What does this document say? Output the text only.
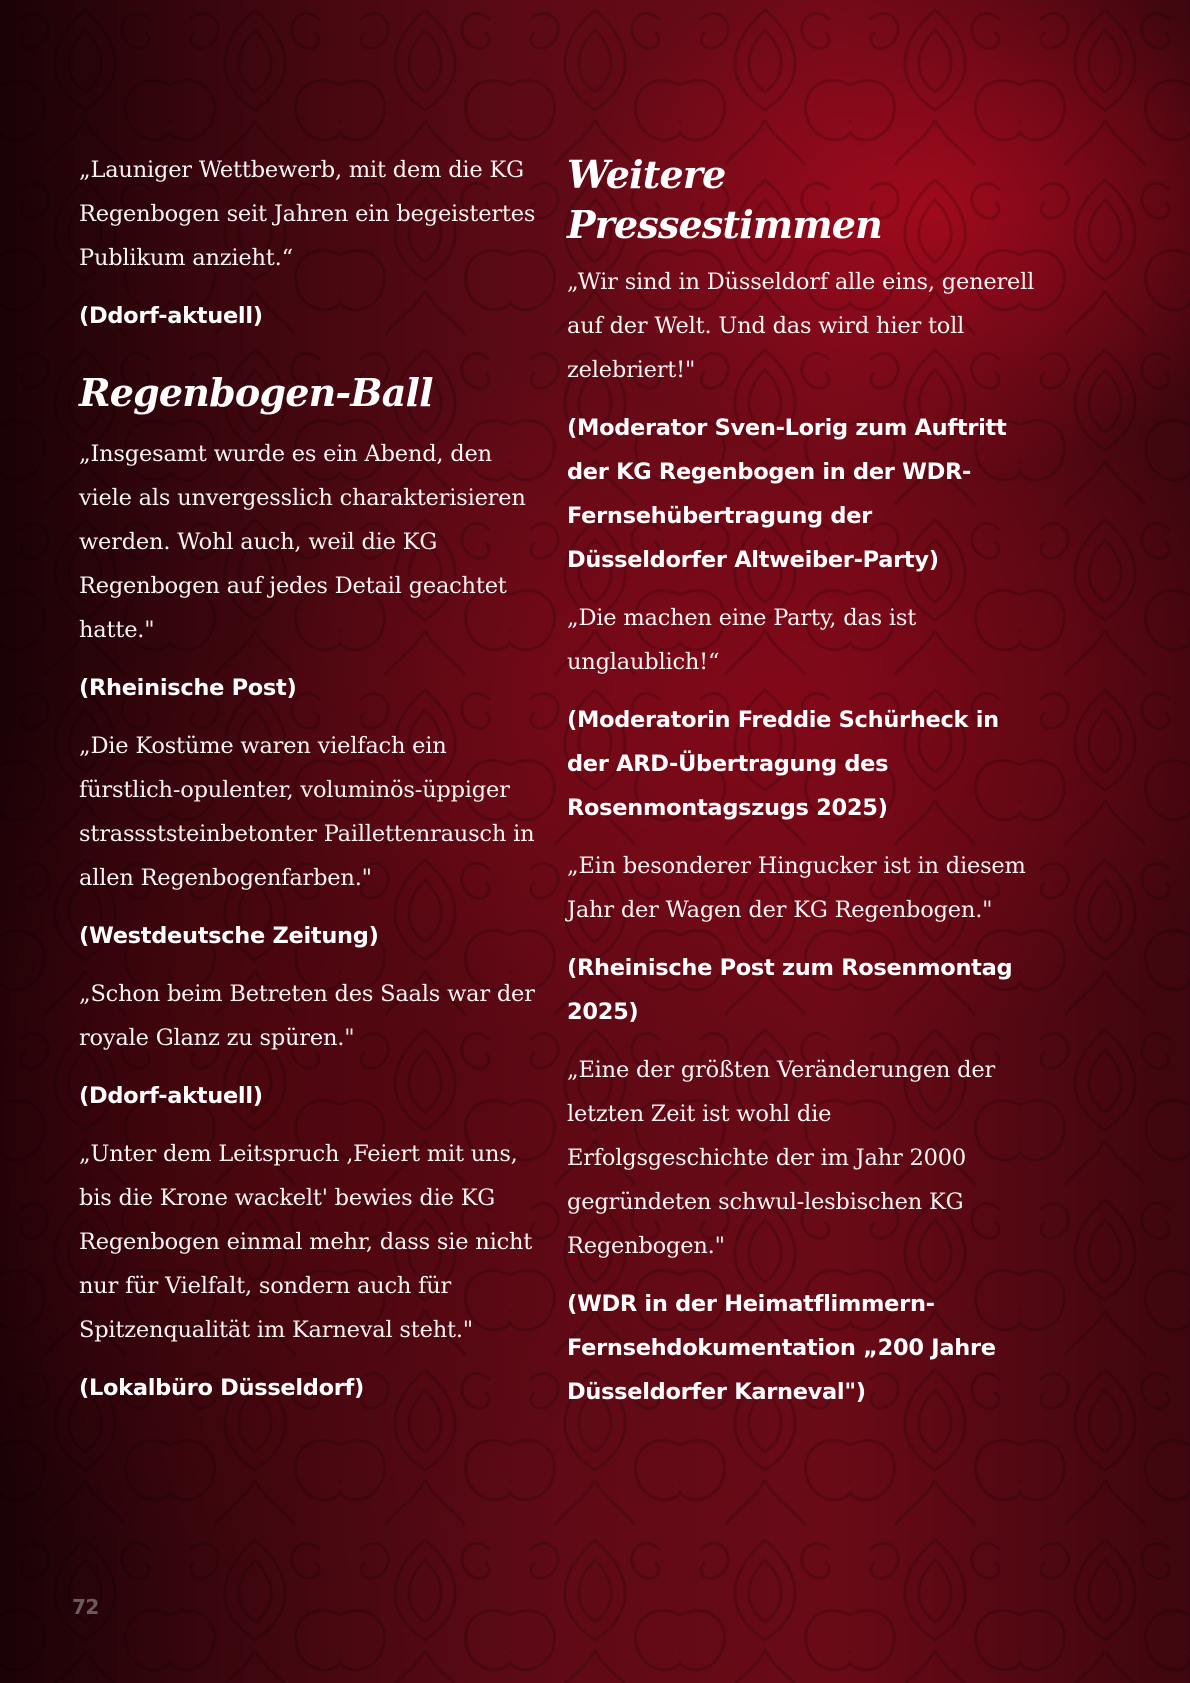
„Launiger Wettbewerb, mit dem die KG Regenbogen seit Jahren ein begeistertes Publikum anzieht.“

(Ddorf-aktuell)

Regenbogen-Ball

„Insgesamt wurde es ein Abend, den viele als unvergesslich charakterisieren werden. Wohl auch, weil die KG Regenbogen auf jedes Detail geachtet hatte."

(Rheinische Post)

„Die Kostüme waren vielfach ein fürstlich-opulenter, voluminös-üppiger strassststeinbetonter Paillettenrausch in allen Regenbogenfarben."

(Westdeutsche Zeitung)

„Schon beim Betreten des Saals war der royale Glanz zu spüren."

(Ddorf-aktuell)

„Unter dem Leitspruch ‚Feiert mit uns, bis die Krone wackelt' bewies die KG Regenbogen einmal mehr, dass sie nicht nur für Vielfalt, sondern auch für Spitzenqualität im Karneval steht."

(Lokalbüro Düsseldorf)

Weitere Pressestimmen

„Wir sind in Düsseldorf alle eins, generell auf der Welt. Und das wird hier toll zelebriert!"

(Moderator Sven-Lorig zum Auftritt der KG Regenbogen in der WDR-Fernsehübertragung der Düsseldorfer Altweiber-Party)

„Die machen eine Party, das ist unglaublich!“

(Moderatorin Freddie Schürheck in der ARD-Übertragung des Rosenmontagszugs 2025)

„Ein besonderer Hingucker ist in diesem Jahr der Wagen der KG Regenbogen."

(Rheinische Post zum Rosenmontag 2025)

„Eine der größten Veränderungen der letzten Zeit ist wohl die Erfolgsgeschichte der im Jahr 2000 gegründeten schwul-lesbischen KG Regenbogen."

(WDR in der Heimatflimmern-Fernsehdokumentation „200 Jahre Düsseldorfer Karneval")

72
